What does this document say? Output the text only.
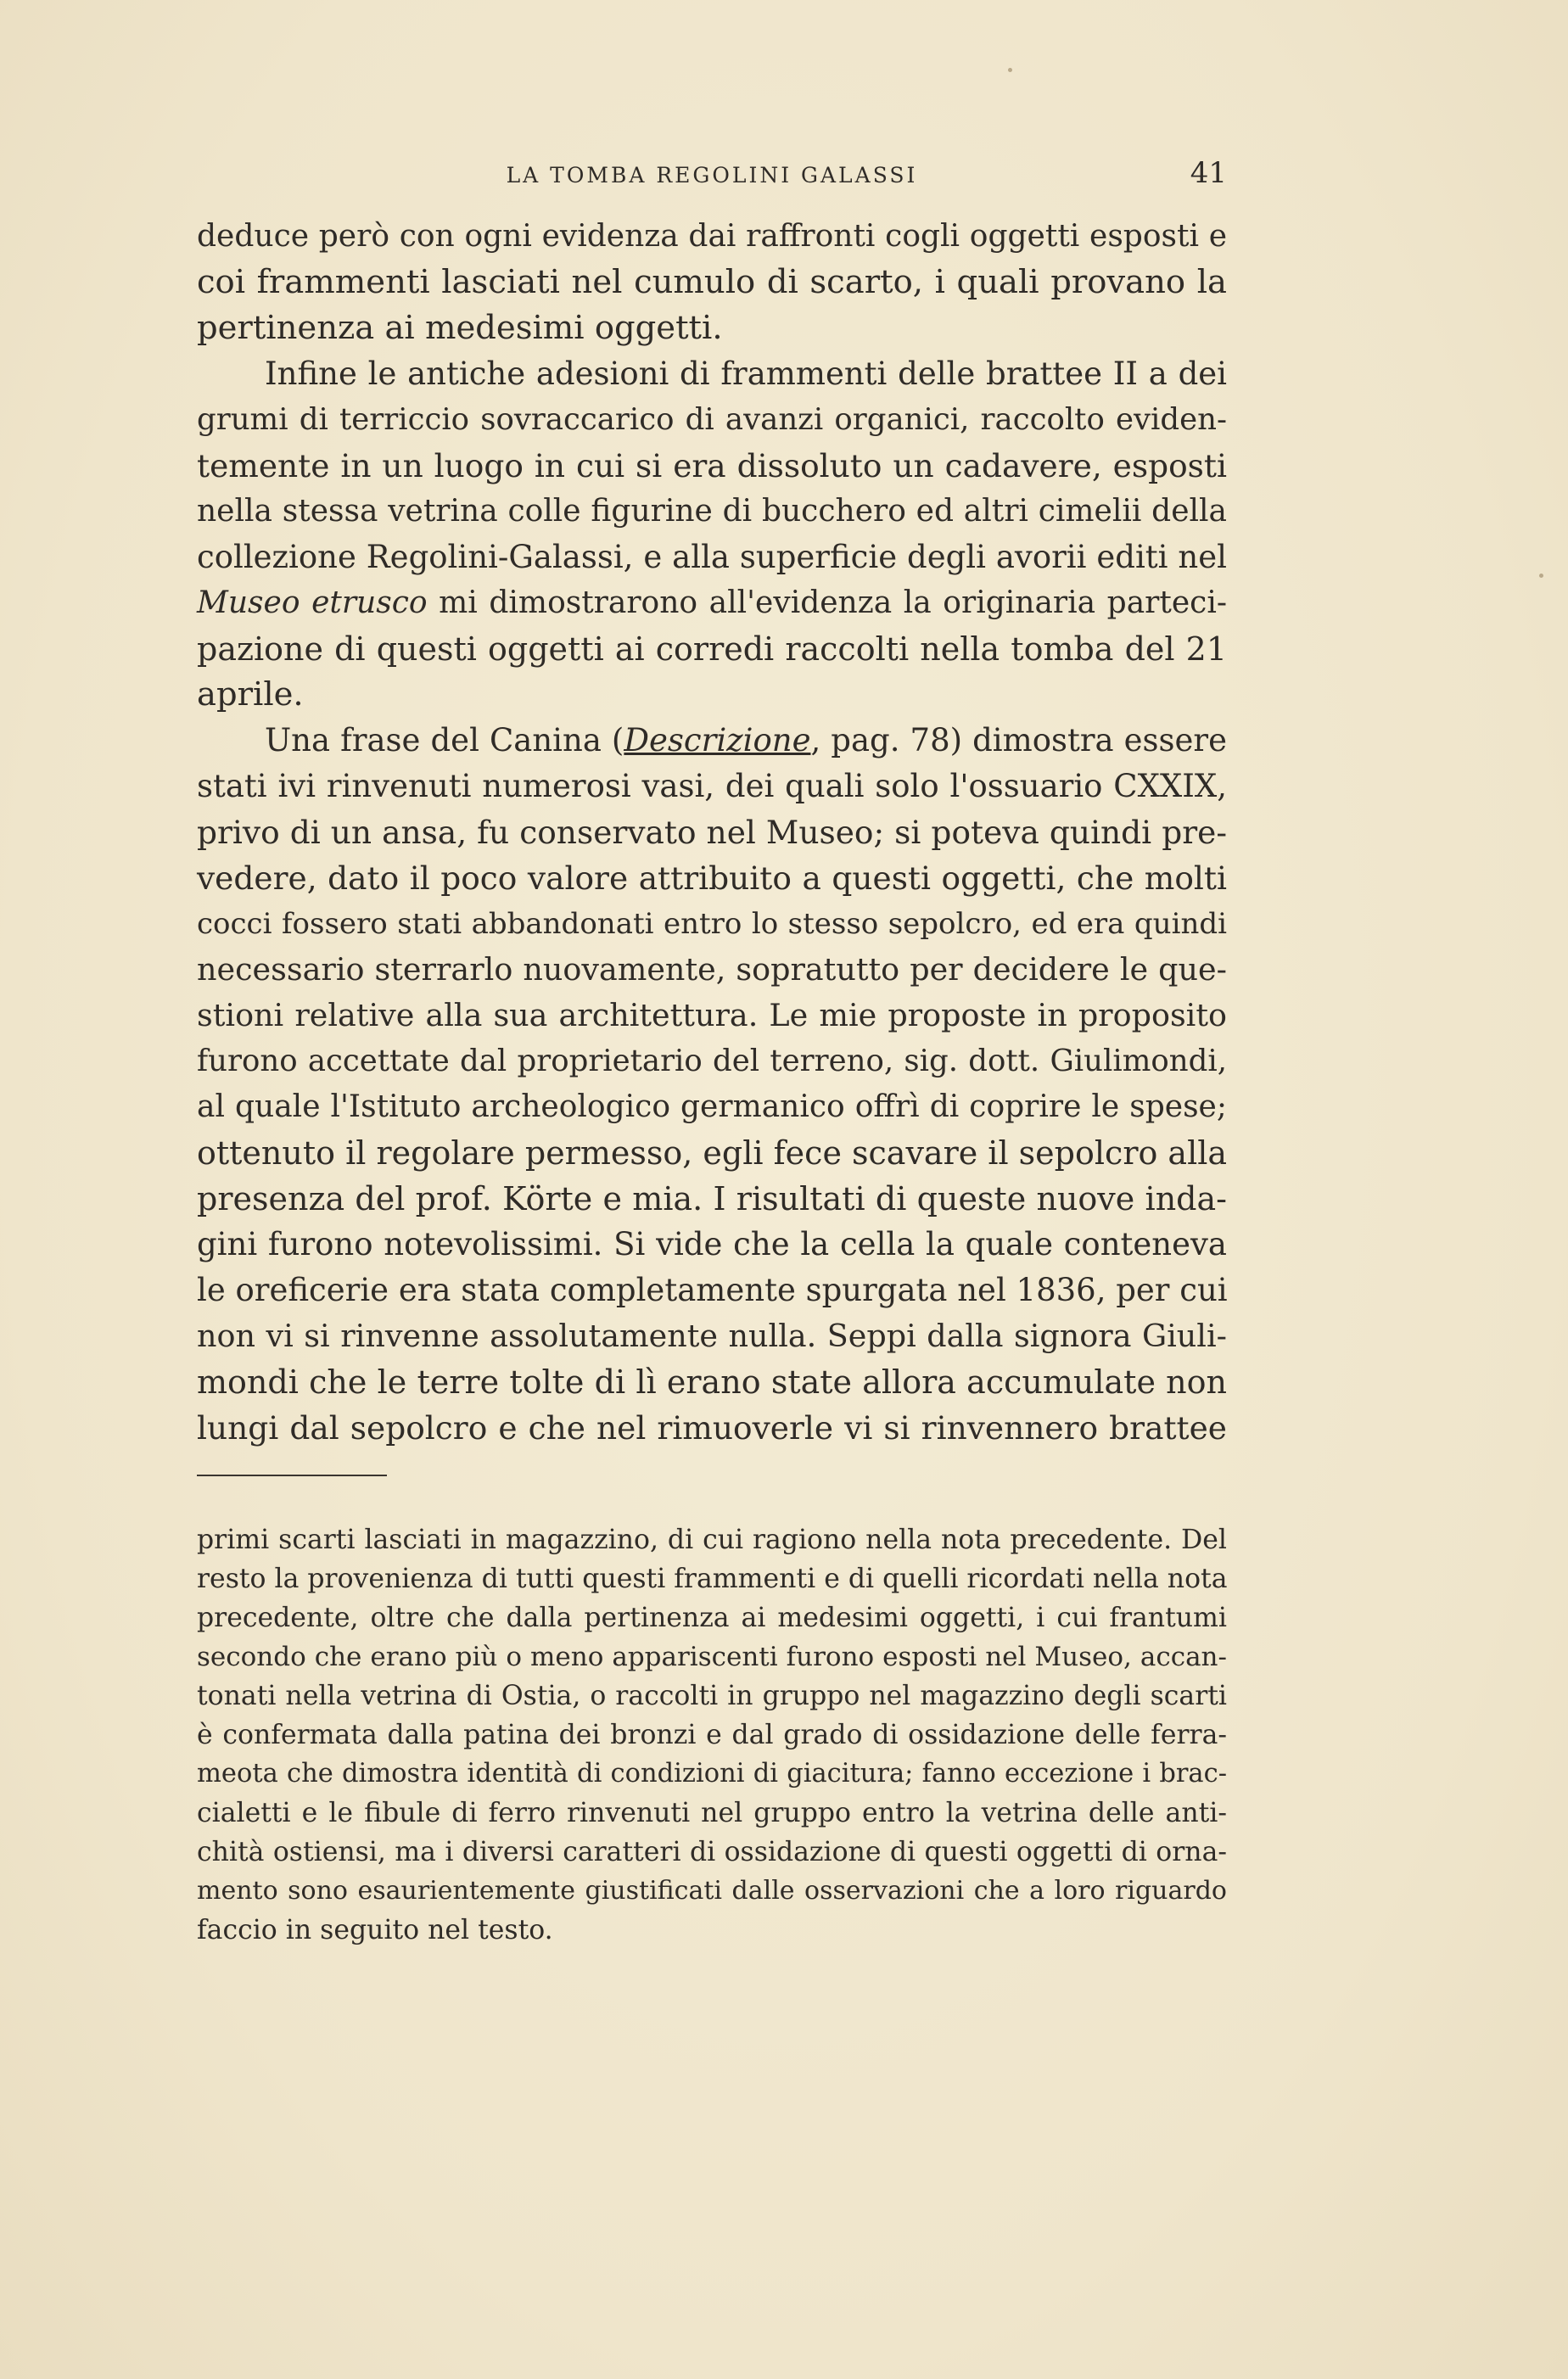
LA TOMBA REGOLINI GALASSI	41
deduce però con ogni evidenza dai raffronti cogli oggetti esposti e
coi frammenti lasciati nel cumulo di scarto, i quali provano la
pertinenza ai medesimi oggetti.
Infine le antiche adesioni di frammenti delle brattee II a dei
grumi di terriccio sovraccarico di avanzi organici, raccolto eviden-
temente in un luogo in cui si era dissoluto un cadavere, esposti
nella stessa vetrina colle figurine di bucchero ed altri cimelii della
collezione Regolini-Galassi, e alla superficie degli avorii editi nel
Museo etrusco mi dimostrarono all'evidenza la originaria parteci-
pazione di questi oggetti ai corredi raccolti nella tomba del 21
aprile.
Una frase del Canina (Descrizione, pag. 78) dimostra essere
stati ivi rinvenuti numerosi vasi, dei quali solo l'ossuario CXXIX,
privo di un ansa, fu conservato nel Museo; si poteva quindi pre-
vedere, dato il poco valore attribuito a questi oggetti, che molti
cocci fossero stati abbandonati entro lo stesso sepolcro, ed era quindi
necessario sterrarlo nuovamente, sopratutto per decidere le que-
stioni relative alla sua architettura. Le mie proposte in proposito
furono accettate dal proprietario del terreno, sig. dott. Giulimondi,
al quale l'Istituto archeologico germanico offrì di coprire le spese;
ottenuto il regolare permesso, egli fece scavare il sepolcro alla
presenza del prof. Körte e mia. I risultati di queste nuove inda-
gini furono notevolissimi. Si vide che la cella la quale conteneva
le oreficerie era stata completamente spurgata nel 1836, per cui
non vi si rinvenne assolutamente nulla. Seppi dalla signora Giuli-
mondi che le terre tolte di lì erano state allora accumulate non
lungi dal sepolcro e che nel rimuoverle vi si rinvennero brattee
primi scarti lasciati in magazzino, di cui ragiono nella nota precedente. Del
resto la provenienza di tutti questi frammenti e di quelli ricordati nella nota
precedente, oltre che dalla pertinenza ai medesimi oggetti, i cui frantumi
secondo che erano più o meno appariscenti furono esposti nel Museo, accan-
tonati nella vetrina di Ostia, o raccolti in gruppo nel magazzino degli scarti
è confermata dalla patina dei bronzi e dal grado di ossidazione delle ferra-
meota che dimostra identità di condizioni di giacitura; fanno eccezione i brac-
cialetti e le fibule di ferro rinvenuti nel gruppo entro la vetrina delle anti-
chità ostiensi, ma i diversi caratteri di ossidazione di questi oggetti di orna-
mento sono esaurientemente giustificati dalle osservazioni che a loro riguardo
faccio in seguito nel testo.
